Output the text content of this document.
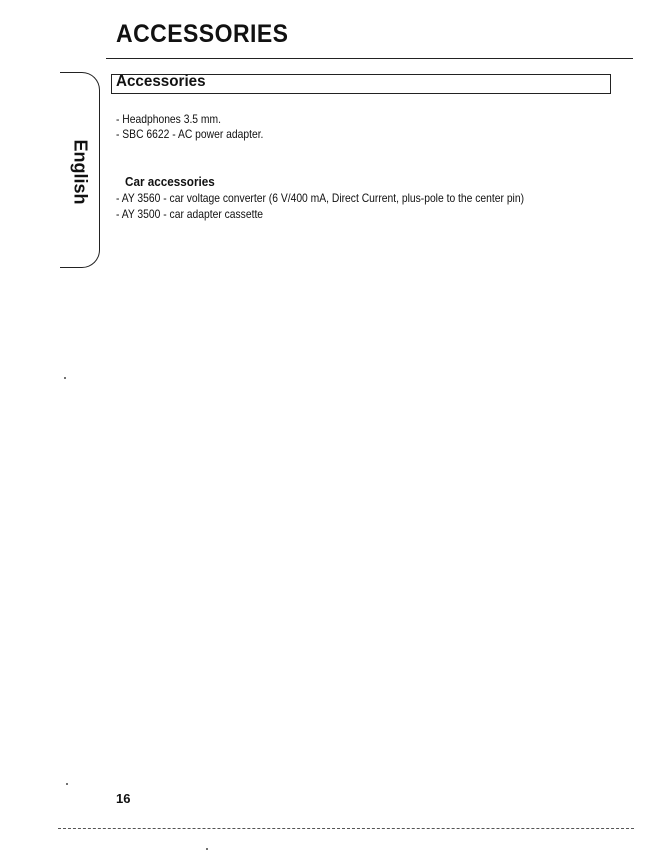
ACCESSORIES
English
Accessories
- Headphones 3.5 mm.
- SBC 6622 - AC power adapter.
Car accessories
- AY 3560 - car voltage converter (6 V/400 mA, Direct Current, plus-pole to the center pin)
- AY 3500 - car adapter cassette
16
